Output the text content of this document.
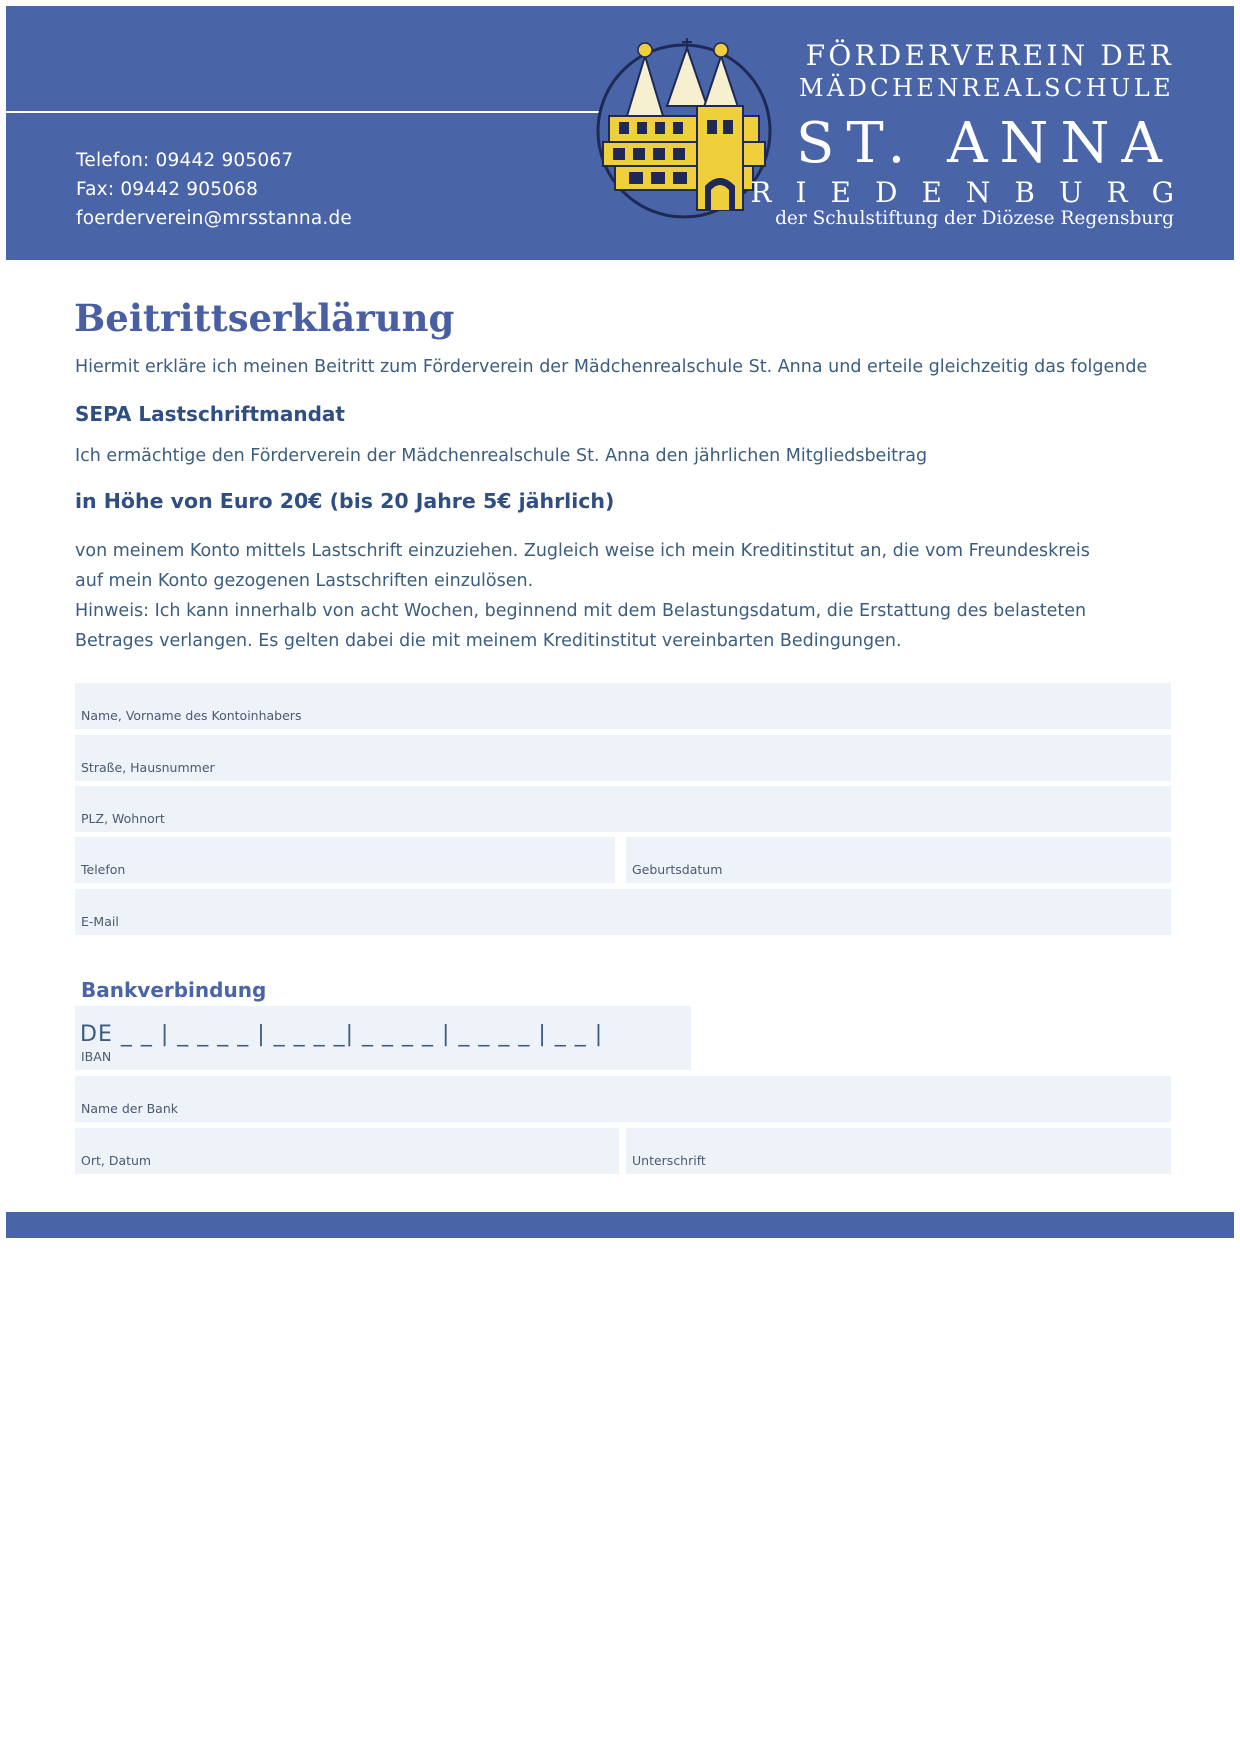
Telefon: 09442 905067
Fax: 09442 905068
foerderverein@mrsstanna.de
FÖRDERVEREIN DER
MÄDCHENREALSCHULE
ST. ANNA
RIEDENBURG
der Schulstiftung der Diözese Regensburg
Beitrittserklärung

Hiermit erkläre ich meinen Beitritt zum Förderverein der Mädchenrealschule St. Anna und erteile gleichzeitig das folgende

SEPA Lastschriftmandat

Ich ermächtige den Förderverein der Mädchenrealschule St. Anna den jährlichen Mitgliedsbeitrag

in Höhe von Euro 20€ (bis 20 Jahre 5€ jährlich)

von meinem Konto mittels Lastschrift einzuziehen. Zugleich weise ich mein Kreditinstitut an, die vom Freundeskreis
auf mein Konto gezogenen Lastschriften einzulösen.
Hinweis: Ich kann innerhalb von acht Wochen, beginnend mit dem Belastungsdatum, die Erstattung des belasteten
Betrages verlangen. Es gelten dabei die mit meinem Kreditinstitut vereinbarten Bedingungen.
Name, Vorname des Kontoinhabers
Straße, Hausnummer
PLZ, Wohnort
Telefon	Geburtsdatum
E-Mail

Bankverbindung

IBAN
DE _ _ | _ _ _ _ | _ _ _ _| _ _ _ _ | _ _ _ _ | _ _ |
Name der Bank
Ort, Datum	Unterschrift
